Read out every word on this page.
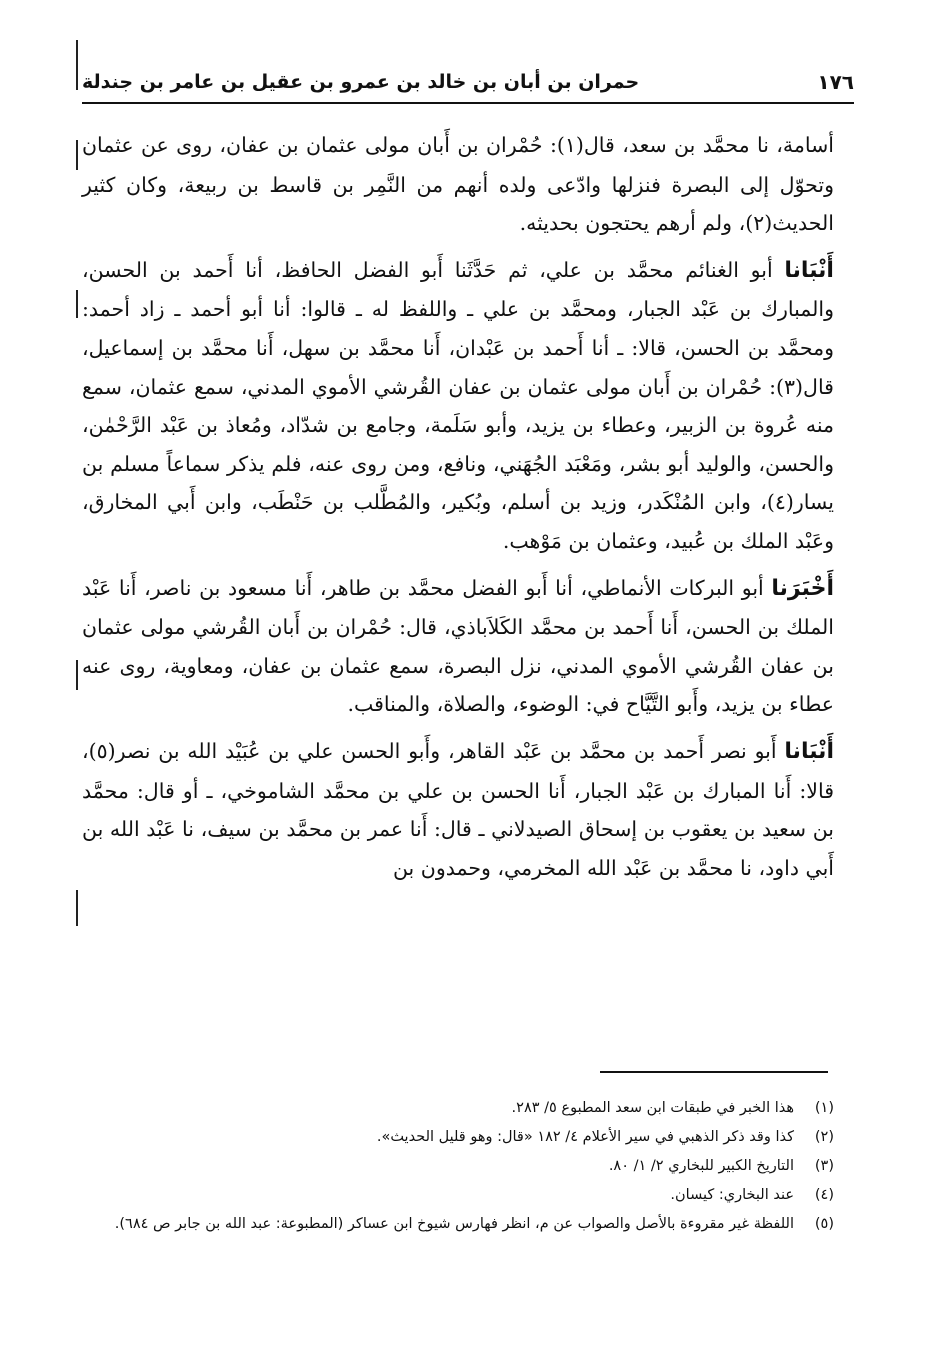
حمران بن أبان بن خالد بن عمرو بن عقيل بن عامر بن جندلة	١٧٦

أسامة، نا محمَّد بن سعد، قال(١): حُمْران بن أَبان مولى عثمان بن عفان، روى عن عثمان وتحوّل إلى البصرة فنزلها وادّعى ولده أنهم من النَّمِر بن قاسط بن ربيعة، وكان كثير الحديث(٢)، ولم أرهم يحتجون بحديثه.

أَنْبَانا أبو الغنائم محمَّد بن علي، ثم حَدَّثَنا أَبو الفضل الحافظ، أنا أَحمد بن الحسن، والمبارك بن عَبْد الجبار، ومحمَّد بن علي ـ واللفظ له ـ قالوا: أنا أبو أحمد ـ زاد أحمد: ومحمَّد بن الحسن، قالا: ـ أنا أَحمد بن عَبْدان، أَنا محمَّد بن سهل، أَنا محمَّد بن إسماعيل، قال(٣): حُمْران بن أَبان مولى عثمان بن عفان القُرشي الأموي المدني، سمع عثمان، سمع منه عُروة بن الزبير، وعطاء بن يزيد، وأبو سَلَمة، وجامع بن شدّاد، ومُعاذ بن عَبْد الرَّحْمٰن، والحسن، والوليد أبو بشر، ومَعْبَد الجُهَني، ونافع، ومن روى عنه، فلم يذكر سماعاً مسلم بن يسار(٤)، وابن المُنْكَدر، وزيد بن أسلم، وبُكير، والمُطَّلب بن حَنْطَب، وابن أَبي المخارق، وعَبْد الملك بن عُبيد، وعثمان بن مَوْهب.

أَخْبَرَنا أبو البركات الأنماطي، أنا أَبو الفضل محمَّد بن طاهر، أَنا مسعود بن ناصر، أَنا عَبْد الملك بن الحسن، أَنا أَحمد بن محمَّد الكَلاَباذي، قال: حُمْران بن أَبان القُرشي مولى عثمان بن عفان القُرشي الأموي المدني، نزل البصرة، سمع عثمان بن عفان، ومعاوية، روى عنه عطاء بن يزيد، وأَبو التَّيَّاح في: الوضوء، والصلاة، والمناقب.

أَنْبَانا أَبو نصر أَحمد بن محمَّد بن عَبْد القاهر، وأَبو الحسن علي بن عُبَيْد الله بن نصر(٥)، قالا: أَنا المبارك بن عَبْد الجبار، أَنا الحسن بن علي بن محمَّد الشاموخي، ـ أو قال: محمَّد بن سعيد بن يعقوب بن إسحاق الصيدلاني ـ قال: أَنا عمر بن محمَّد بن سيف، نا عَبْد الله بن أَبي داود، نا محمَّد بن عَبْد الله المخرمي، وحمدون بن

(١)
هذا الخبر في طبقات ابن سعد المطبوع ٥/ ٢٨٣.
(٢)
كذا وقد ذكر الذهبي في سير الأعلام ٤/ ١٨٢ «قال: وهو قليل الحديث».
(٣)
التاريخ الكبير للبخاري ٢/ ١/ ٨٠.
(٤)
عند البخاري: كيسان.
(٥)
اللفظة غير مقروءة بالأصل والصواب عن م، انظر فهارس شيوخ ابن عساكر (المطبوعة: عبد الله بن جابر ص ٦٨٤).
